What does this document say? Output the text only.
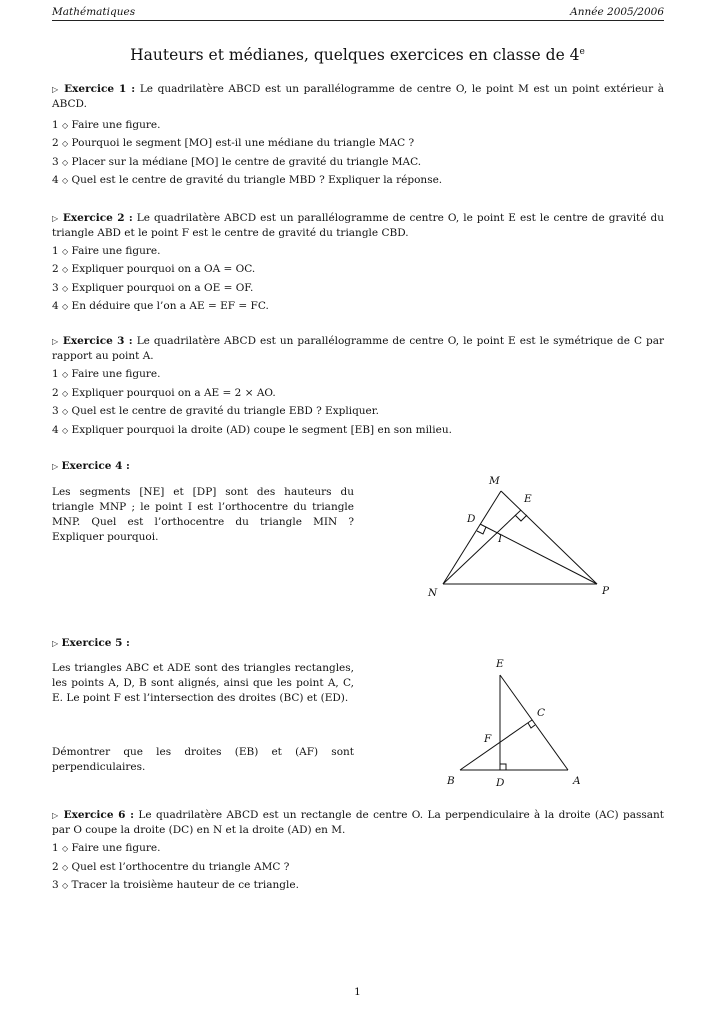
Mathématiques	Année 2005/2006
Hauteurs et médianes, quelques exercices en classe de 4e

▷ Exercice 1 : Le quadrilatère ABCD est un parallélogramme de centre O, le point M est un point extérieur à ABCD.

1 ◇ Faire une figure.

2 ◇ Pourquoi le segment [MO] est-il une médiane du triangle MAC ?

3 ◇ Placer sur la médiane [MO] le centre de gravité du triangle MAC.

4 ◇ Quel est le centre de gravité du triangle MBD ? Expliquer la réponse.

▷ Exercice 2 : Le quadrilatère ABCD est un parallélogramme de centre O, le point E est le centre de gravité du triangle ABD et le point F est le centre de gravité du triangle CBD.

1 ◇ Faire une figure.

2 ◇ Expliquer pourquoi on a OA = OC.

3 ◇ Expliquer pourquoi on a OE = OF.

4 ◇ En déduire que l’on a AE = EF = FC.

▷ Exercice 3 : Le quadrilatère ABCD est un parallélogramme de centre O, le point E est le symétrique de C par rapport au point A.

1 ◇ Faire une figure.

2 ◇ Expliquer pourquoi on a AE = 2 × AO.

3 ◇ Quel est le centre de gravité du triangle EBD ? Expliquer.

4 ◇ Expliquer pourquoi la droite (AD) coupe le segment [EB] en son milieu.

▷ Exercice 4 :

Les segments [NE] et [DP] sont des hauteurs du triangle MNP ; le point I est l’orthocentre du triangle MNP. Quel est l’orthocentre du triangle MIN ? Expliquer pourquoi.

M
E
D
I
N	P

▷ Exercice 5 :

Les triangles ABC et ADE sont des triangles rectangles, les points A, D, B sont alignés, ainsi que les point A, C, E. Le point F est l’intersection des droites (BC) et (ED).

Démontrer que les droites (EB) et (AF) sont perpendiculaires.

E
C
F
B	D	A

▷ Exercice 6 : Le quadrilatère ABCD est un rectangle de centre O. La perpendiculaire à la droite (AC) passant par O coupe la droite (DC) en N et la droite (AD) en M.

1 ◇ Faire une figure.

2 ◇ Quel est l’orthocentre du triangle AMC ?

3 ◇ Tracer la troisième hauteur de ce triangle.

1
